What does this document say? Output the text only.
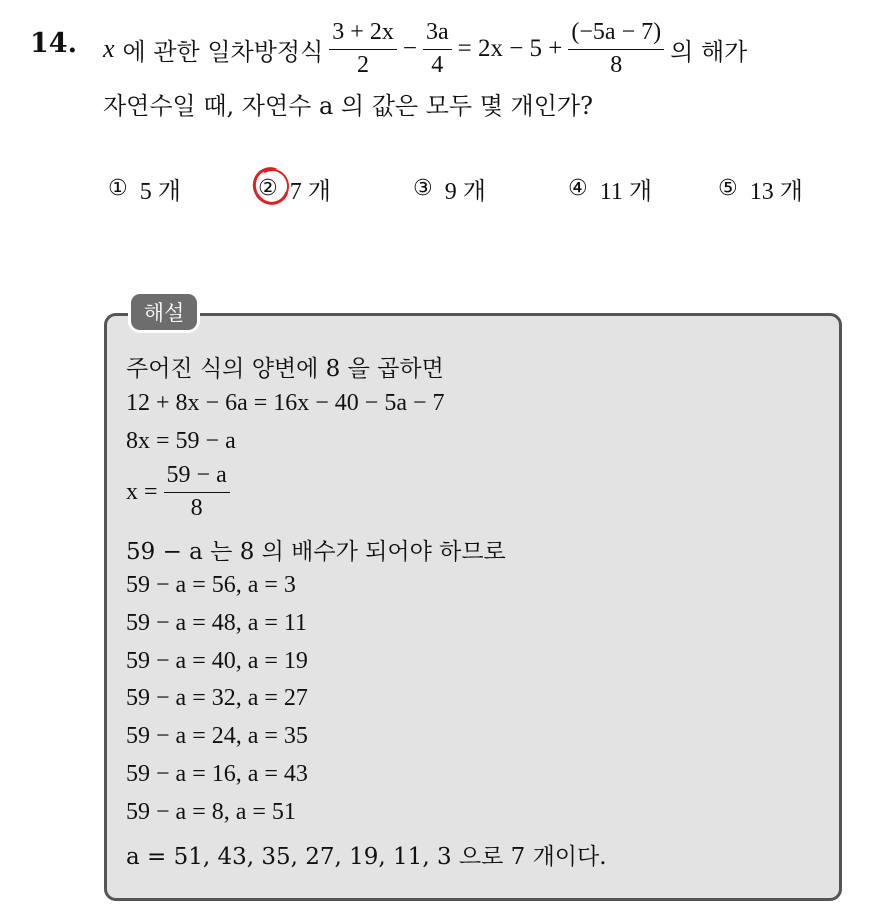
14. x 에 관한 일차방정식 $\frac{3 + 2x}{2} - \frac{3a}{4} = 2x - 5 + \frac{(-5a - 7)}{8}$ 의 해가
자연수일 때, 자연수 a 의 값은 모두 몇 개인가?
① 5 개	② 7 개	③ 9 개	④ 11 개	⑤ 13 개
해설
주어진 식의 양변에 8 을 곱하면
12 + 8x − 6a = 16x − 40 − 5a − 7
8x = 59 − a
$x = \frac{59 - a}{8}$
59 − a 는 8 의 배수가 되어야 하므로
59 − a = 56, a = 3
59 − a = 48, a = 11
59 − a = 40, a = 19
59 − a = 32, a = 27
59 − a = 24, a = 35
59 − a = 16, a = 43
59 − a = 8, a = 51
a = 51, 43, 35, 27, 19, 11, 3 으로 7 개이다.
